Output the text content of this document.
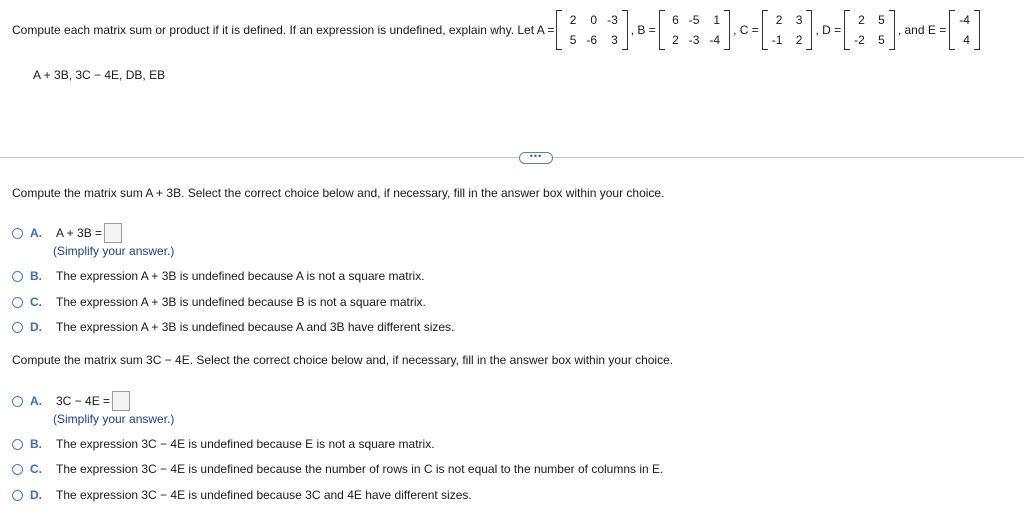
Compute each matrix sum or product if it is defined. If an expression is undefined, explain why. Let A =
2	0 -3
5 -6	3
, B =
6 -5	1
2 -3 -4
, C =
2 3
-1 2
, D =
2 5
-2 5
, and E =
-4
4
A + 3B, 3C − 4E, DB, EB
•••
Compute the matrix sum A + 3B. Select the correct choice below and, if necessary, fill in the answer box within your choice.
A.	A + 3B =
(Simplify your answer.)
B.	The expression A + 3B is undefined because A is not a square matrix.
C.	The expression A + 3B is undefined because B is not a square matrix.
D.	The expression A + 3B is undefined because A and 3B have different sizes.
Compute the matrix sum 3C − 4E. Select the correct choice below and, if necessary, fill in the answer box within your choice.
A.	3C − 4E =
(Simplify your answer.)
B.	The expression 3C − 4E is undefined because E is not a square matrix.
C.	The expression 3C − 4E is undefined because the number of rows in C is not equal to the number of columns in E.
D.	The expression 3C − 4E is undefined because 3C and 4E have different sizes.
